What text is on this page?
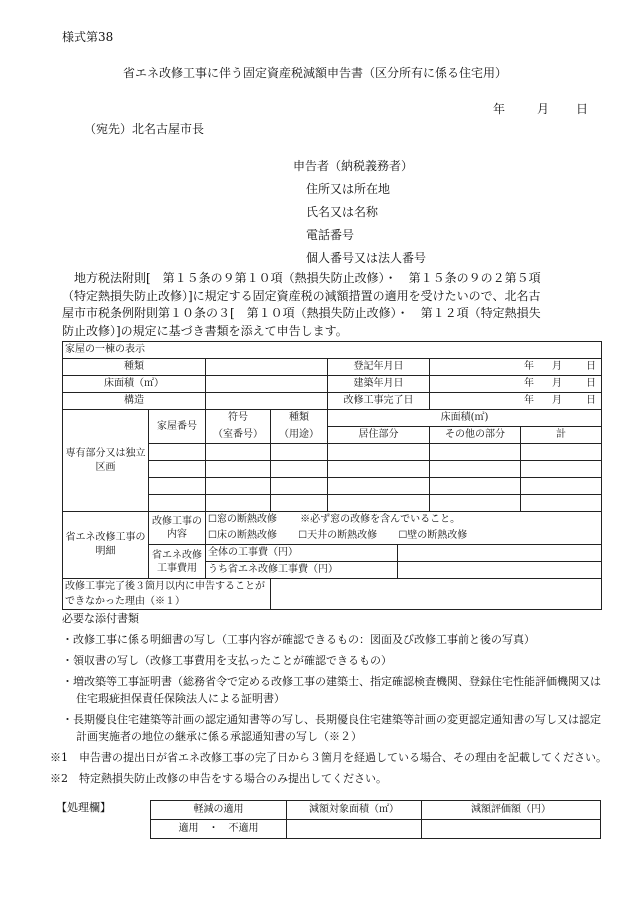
様式第38
省エネ改修工事に伴う固定資産税減額申告書（区分所有に係る住宅用）
年	月 日
（宛先）北名古屋市長
申告者（納税義務者）
住所又は所在地
氏名又は名称
電話番号
個人番号又は法人番号
地方税法附則[　第１５条の９第１０項（熱損失防止改修）・　第１５条の９の２第５項
（特定熱損失防止改修）]に規定する固定資産税の減額措置の適用を受けたいので、北名古
屋市市税条例附則第１０条の３[　第１０項（熱損失防止改修）・　第１２項（特定熱損失
防止改修）]の規定に基づき書類を添えて申告します。
家屋の一棟の表示							
種類				登記年月日		年 月 日	
床面積（㎡）				建築年月日		年 月 日	
構造				改修工事完了日		年 月 日	
専有部分又は独立区画	家屋番号	符号	種類	床面積(㎡)			
		（室番号）	（用途）	居住部分		その他の部分	計

省エネ改修工事の明細	改修工事の内容	☐窓の断熱改修 ※必ず窓の改修を含んでいること。					
		☐床の断熱改修 ☐天井の断熱改修 ☐壁の断熱改修					
	省エネ改修工事費用	全体の工事費（円）					
		うち省エネ改修工事費（円）					
改修工事完了後３箇月以内に申告することができなかった理由（※１）							
必要な添付書類
・改修工事に係る明細書の写し（工事内容が確認できるもの：図面及び改修工事前と後の写真）
・領収書の写し（改修工事費用を支払ったことが確認できるもの）
・増改築等工事証明書（総務省令で定める改修工事の建築士、指定確認検査機関、登録住宅性能評価機関又は住宅瑕疵担保責任保険法人による証明書）
・長期優良住宅建築等計画の認定通知書等の写し、長期優良住宅建築等計画の変更認定通知書の写し又は認定計画実施者の地位の継承に係る承認通知書の写し（※２）
※1　申告書の提出日が省エネ改修工事の完了日から３箇月を経過している場合、その理由を記載してください。
※2　特定熱損失防止改修の申告をする場合のみ提出してください。
【処理欄】	軽減の適用	減額対象面積（㎡）	減額評価額（円）
適用　・　不適用		
